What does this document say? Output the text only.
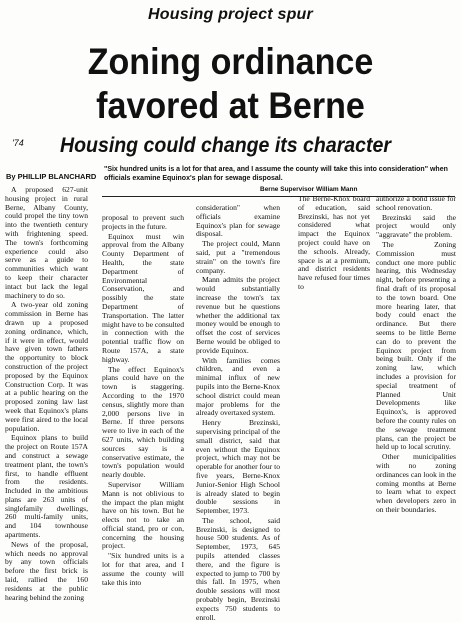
Housing project spur
Zoning ordinance
favored at Berne
'74 Housing could change its character
By PHILLIP BLANCHARD
"Six hundred units is a lot for that area, and I assume the county will take this into consideration" when officials examine Equinox's plan for sewage disposal.
Berne Supervisor William Mann

A proposed 627-unit housing project in rural Berne, Albany County, could propel the tiny town into the twentieth century with frightening speed. The town's forthcoming experience could also serve as a guide to communities which want to keep their character intact but lack the legal machinery to do so.

A two-year old zoning commission in Berne has drawn up a proposed zoning ordinance, which, if it were in effect, would have given town fathers the opportunity to block construction of the project proposed by the Equinox Construction Corp. It was at a public hearing on the proposed zoning law last week that Equinox's plans were first aired to the local population.

Equinox plans to build the project on Route 157A and construct a sewage treatment plant, the town's first, to handle effluent from the residents. Included in the ambitious plans are 263 units of singlefamily dwellings, 260 multi-family units, and 104 townhouse apartments.

News of the proposal, which needs no approval by any town officials before the first brick is laid, rallied the 160 residents at the public hearing behind the zoning

proposal to prevent such projects in the future.

Equinox must win approval from the Albany County Department of Health, the state Department of Environmental Conservation, and possibly the state Department of Transportation. The latter might have to be consulted in connection with the potential traffic flow on Route 157A, a state highway.

The effect Equinox's plans could have on the town is staggering. According to the 1970 census, slightly more than 2,000 persons live in Berne. If three persons were to live in each of the 627 units, which building sources say is a conservative estimate, the town's population would nearly double.

Supervisor William Mann is not oblivious to the impact the plan might have on his town. But he elects not to take an official stand, pro or con, concerning the housing project.

"Six hundred units is a lot for that area, and I assume the county will take this into

consideration" when officials examine Equinox's plan for sewage disposal.

The project could, Mann said, put a "tremendous strain" on the town's fire company.

Mann admits the project would substantially increase the town's tax revenue but he questions whether the additional tax money would be enough to offset the cost of services Berne would be obliged to provide Equinox.

With families comes children, and even a minimal influx of new pupils into the Berne-Knox school district could mean major problems for the already overtaxed system.

Henry Brezinski, supervising principal of the small district, said that even without the Equinox project, which may not be operable for another four to five years, Berne-Knox Junior-Senior High School is already slated to begin double sessions in September, 1973.

The school, said Brezinski, is designed to house 500 students. As of September, 1973, 645 pupils attended classes there, and the figure is expected to jump to 700 by this fall. In 1975, when double sessions will most probably begin, Brezinski expects 750 students to enroll.

The Berne-Knox board of education, said Brezinski, has not yet considered what impact the Equinox project could have on the schools. Already, space is at a premium, and district residents have refused four times to

authorize a bond issue for school renovation.

Brezinski said the project would only "aggravate" the problem.

The Zoning Commission must conduct one more public hearing, this Wednesday night, before presenting a final draft of its proposal to the town board. One more hearing later, that body could enact the ordinance. But there seems to be little Berne can do to prevent the Equinox project from being built. Only if the zoning law, which includes a provision for special treatment of Planned Unit Developments like Equinox's, is approved before the county rules on the sewage treatment plans, can the project be held up to local scrutiny.

Other municipalities with no zoning ordinances can look in the coming months at Berne to learn what to expect when developers zero in on their boundaries.
